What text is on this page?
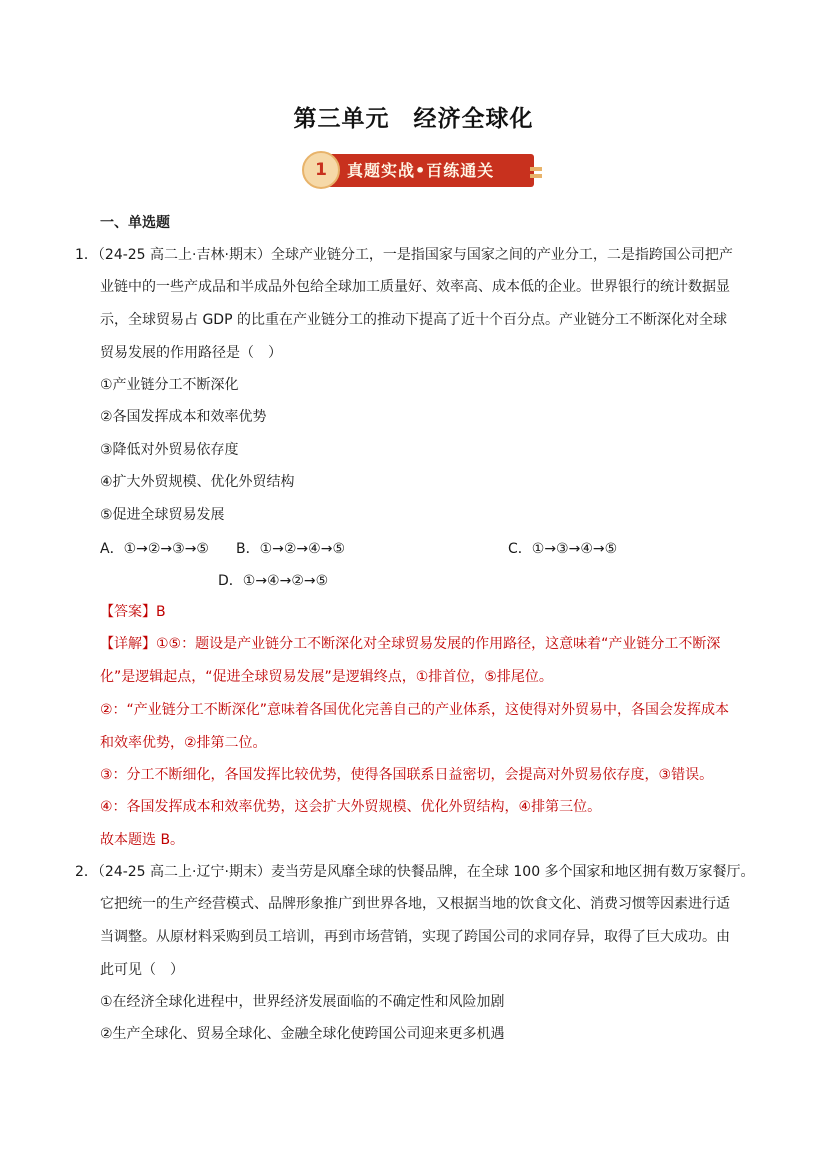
第三单元　经济全球化
1	真题实战•百练通关
一、单选题
1．（24-25 高二上·吉林·期末）全球产业链分工，一是指国家与国家之间的产业分工，二是指跨国公司把产
业链中的一些产成品和半成品外包给全球加工质量好、效率高、成本低的企业。世界银行的统计数据显
示，全球贸易占 GDP 的比重在产业链分工的推动下提高了近十个百分点。产业链分工不断深化对全球
贸易发展的作用路径是（　）
①产业链分工不断深化
②各国发挥成本和效率优势
③降低对外贸易依存度
④扩大外贸规模、优化外贸结构
⑤促进全球贸易发展
A．①→②→③→⑤ B．①→②→④→⑤	C．①→③→④→⑤
D．①→④→②→⑤
【答案】B
【详解】①⑤：题设是产业链分工不断深化对全球贸易发展的作用路径，这意味着“产业链分工不断深
化”是逻辑起点，“促进全球贸易发展”是逻辑终点，①排首位，⑤排尾位。
②：“产业链分工不断深化”意味着各国优化完善自己的产业体系，这使得对外贸易中，各国会发挥成本
和效率优势，②排第二位。
③：分工不断细化，各国发挥比较优势，使得各国联系日益密切，会提高对外贸易依存度，③错误。
④：各国发挥成本和效率优势，这会扩大外贸规模、优化外贸结构，④排第三位。
故本题选 B。
2．（24-25 高二上·辽宁·期末）麦当劳是风靡全球的快餐品牌，在全球 100 多个国家和地区拥有数万家餐厅。
它把统一的生产经营模式、品牌形象推广到世界各地，又根据当地的饮食文化、消费习惯等因素进行适
当调整。从原材料采购到员工培训，再到市场营销，实现了跨国公司的求同存异，取得了巨大成功。由
此可见（　）
①在经济全球化进程中，世界经济发展面临的不确定性和风险加剧
②生产全球化、贸易全球化、金融全球化使跨国公司迎来更多机遇
